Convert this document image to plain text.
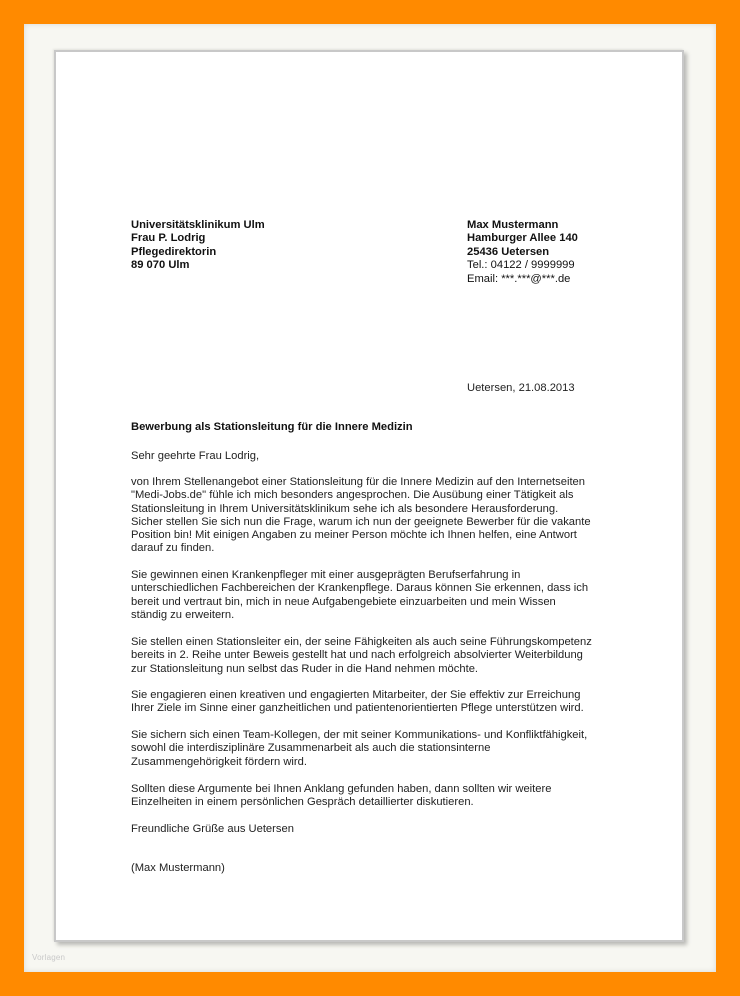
Universitätsklinikum Ulm
Frau P. Lodrig
Pflegedirektorin
89 070 Ulm
Max Mustermann
Hamburger Allee 140
25436 Uetersen
Tel.: 04122 / 9999999
Email: ***.***@***.de
Uetersen, 21.08.2013
Bewerbung als Stationsleitung für die Innere Medizin

Sehr geehrte Frau Lodrig,

von Ihrem Stellenangebot einer Stationsleitung für die Innere Medizin auf den Internetseiten
"Medi-Jobs.de" fühle ich mich besonders angesprochen. Die Ausübung einer Tätigkeit als
Stationsleitung in Ihrem Universitätsklinikum sehe ich als besondere Herausforderung.
Sicher stellen Sie sich nun die Frage, warum ich nun der geeignete Bewerber für die vakante
Position bin! Mit einigen Angaben zu meiner Person möchte ich Ihnen helfen, eine Antwort
darauf zu finden.

Sie gewinnen einen Krankenpfleger mit einer ausgeprägten Berufserfahrung in
unterschiedlichen Fachbereichen der Krankenpflege. Daraus können Sie erkennen, dass ich
bereit und vertraut bin, mich in neue Aufgabengebiete einzuarbeiten und mein Wissen
ständig zu erweitern.

Sie stellen einen Stationsleiter ein, der seine Fähigkeiten als auch seine Führungskompetenz
bereits in 2. Reihe unter Beweis gestellt hat und nach erfolgreich absolvierter Weiterbildung
zur Stationsleitung nun selbst das Ruder in die Hand nehmen möchte.

Sie engagieren einen kreativen und engagierten Mitarbeiter, der Sie effektiv zur Erreichung
Ihrer Ziele im Sinne einer ganzheitlichen und patientenorientierten Pflege unterstützen wird.

Sie sichern sich einen Team-Kollegen, der mit seiner Kommunikations- und Konfliktfähigkeit,
sowohl die interdisziplinäre Zusammenarbeit als auch die stationsinterne
Zusammengehörigkeit fördern wird.

Sollten diese Argumente bei Ihnen Anklang gefunden haben, dann sollten wir weitere
Einzelheiten in einem persönlichen Gespräch detaillierter diskutieren.

Freundliche Grüße aus Uetersen

(Max Mustermann)

Vorlagen
